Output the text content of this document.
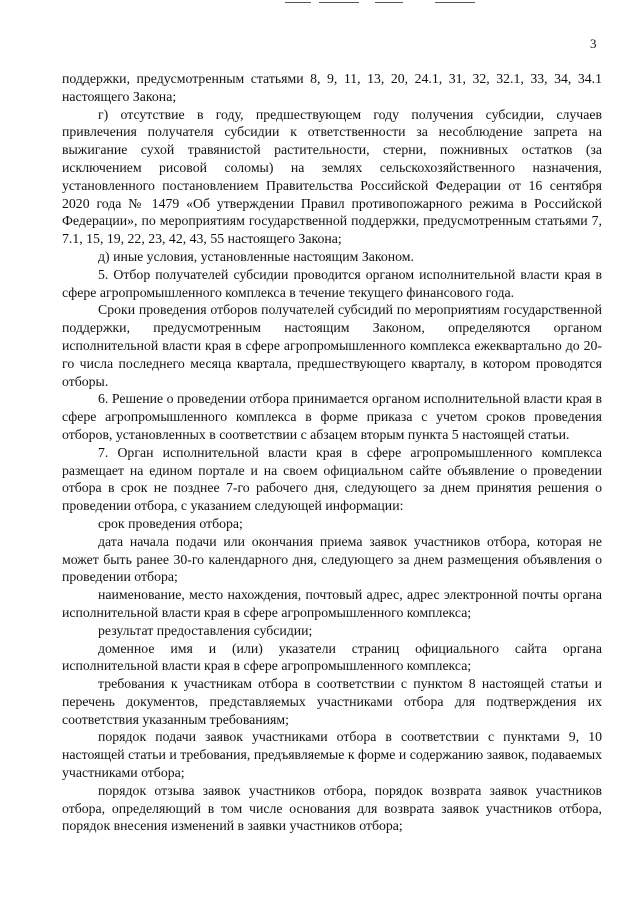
3

поддержки, предусмотренным статьями 8, 9, 11, 13, 20, 24.1, 31, 32, 32.1, 33, 34, 34.1 настоящего Закона;

г) отсутствие в году, предшествующем году получения субсидии, случаев привлечения получателя субсидии к ответственности за несоблюдение запрета на выжигание сухой травянистой растительности, стерни, пожнивных остатков (за исключением рисовой соломы) на землях сельскохозяйственного назначения, установленного постановлением Правительства Российской Федерации от 16 сентября 2020 года № 1479 «Об утверждении Правил противопожарного режима в Российской Федерации», по мероприятиям государственной поддержки, предусмотренным статьями 7, 7.1, 15, 19, 22, 23, 42, 43, 55 настоящего Закона;

д) иные условия, установленные настоящим Законом.

5. Отбор получателей субсидии проводится органом исполнительной власти края в сфере агропромышленного комплекса в течение текущего финансового года.

Сроки проведения отборов получателей субсидий по мероприятиям государственной поддержки, предусмотренным настоящим Законом, определяются органом исполнительной власти края в сфере агропромышленного комплекса ежеквартально до 20-го числа последнего месяца квартала, предшествующего кварталу, в котором проводятся отборы.

6. Решение о проведении отбора принимается органом исполнительной власти края в сфере агропромышленного комплекса в форме приказа с учетом сроков проведения отборов, установленных в соответствии с абзацем вторым пункта 5 настоящей статьи.

7. Орган исполнительной власти края в сфере агропромышленного комплекса размещает на едином портале и на своем официальном сайте объявление о проведении отбора в срок не позднее 7-го рабочего дня, следующего за днем принятия решения о проведении отбора, с указанием следующей информации:

срок проведения отбора;

дата начала подачи или окончания приема заявок участников отбора, которая не может быть ранее 30-го календарного дня, следующего за днем размещения объявления о проведении отбора;

наименование, место нахождения, почтовый адрес, адрес электронной почты органа исполнительной власти края в сфере агропромышленного комплекса;

результат предоставления субсидии;

доменное имя и (или) указатели страниц официального сайта органа исполнительной власти края в сфере агропромышленного комплекса;

требования к участникам отбора в соответствии с пунктом 8 настоящей статьи и перечень документов, представляемых участниками отбора для подтверждения их соответствия указанным требованиям;

порядок подачи заявок участниками отбора в соответствии с пунктами 9, 10 настоящей статьи и требования, предъявляемые к форме и содержанию заявок, подаваемых участниками отбора;

порядок отзыва заявок участников отбора, порядок возврата заявок участников отбора, определяющий в том числе основания для возврата заявок участников отбора, порядок внесения изменений в заявки участников отбора;
